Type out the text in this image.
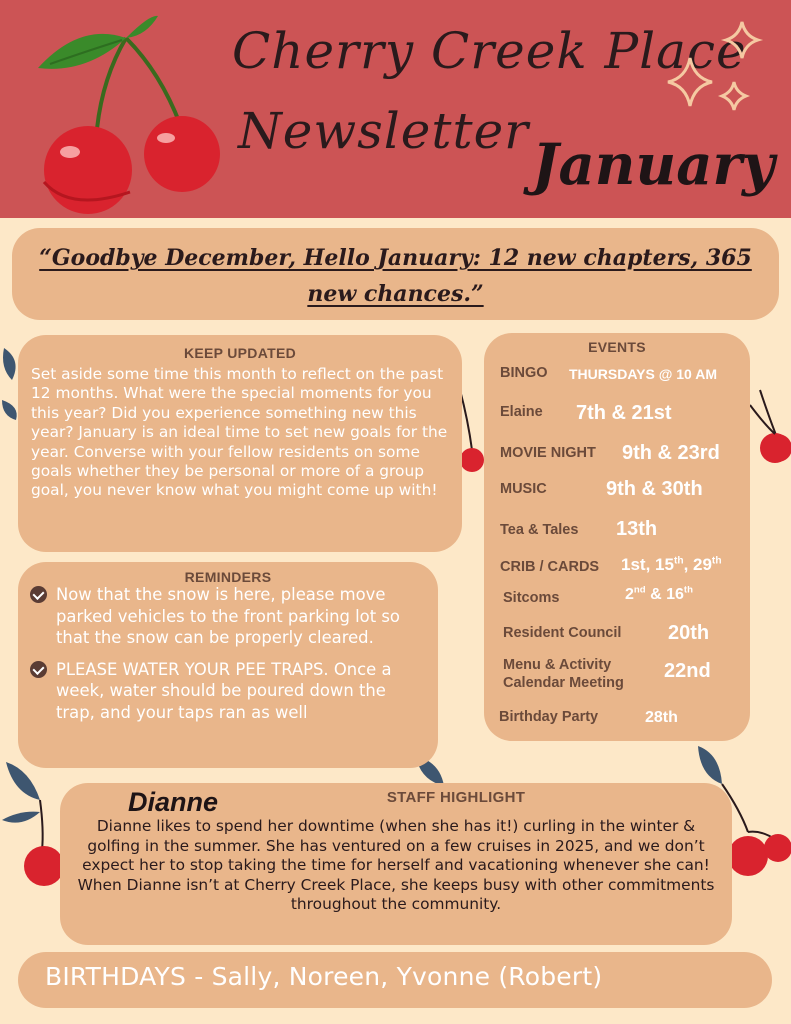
Cherry Creek Place
Newsletter
January
“Goodbye December, Hello January: 12 new chapters, 365 new chances.”
KEEP UPDATED
Set aside some time this month to reflect on the past 12 months. What were the special moments for you this year? Did you experience something new this year? January is an ideal time to set new goals for the year. Converse with your fellow residents on some goals whether they be personal or more of a group goal, you never know what you might come up with!
REMINDERS
Now that the snow is here, please move parked vehicles to the front parking lot so that the snow can be properly cleared.
PLEASE WATER YOUR PEE TRAPS. Once a week, water should be poured down the trap, and your taps ran as well
EVENTS
BINGO THURSDAYS @ 10 AM
Elaine 7th & 21st
MOVIE NIGHT 9th & 23rd
MUSIC	9th & 30th
Tea & Tales 13th
CRIB / CARDS 1st, 15th, 29th
Sitcoms	2nd & 16th
Resident Council 20th
Menu & Activity
Calendar Meeting
22nd
Birthday Party	28th
Dianne	STAFF HIGHLIGHT
Dianne likes to spend her downtime (when she has it!) curling in the winter & golfing in the summer. She has ventured on a few cruises in 2025, and we don’t expect her to stop taking the time for herself and vacationing whenever she can! When Dianne isn’t at Cherry Creek Place, she keeps busy with other commitments throughout the community.
BIRTHDAYS - Sally, Noreen, Yvonne (Robert)
